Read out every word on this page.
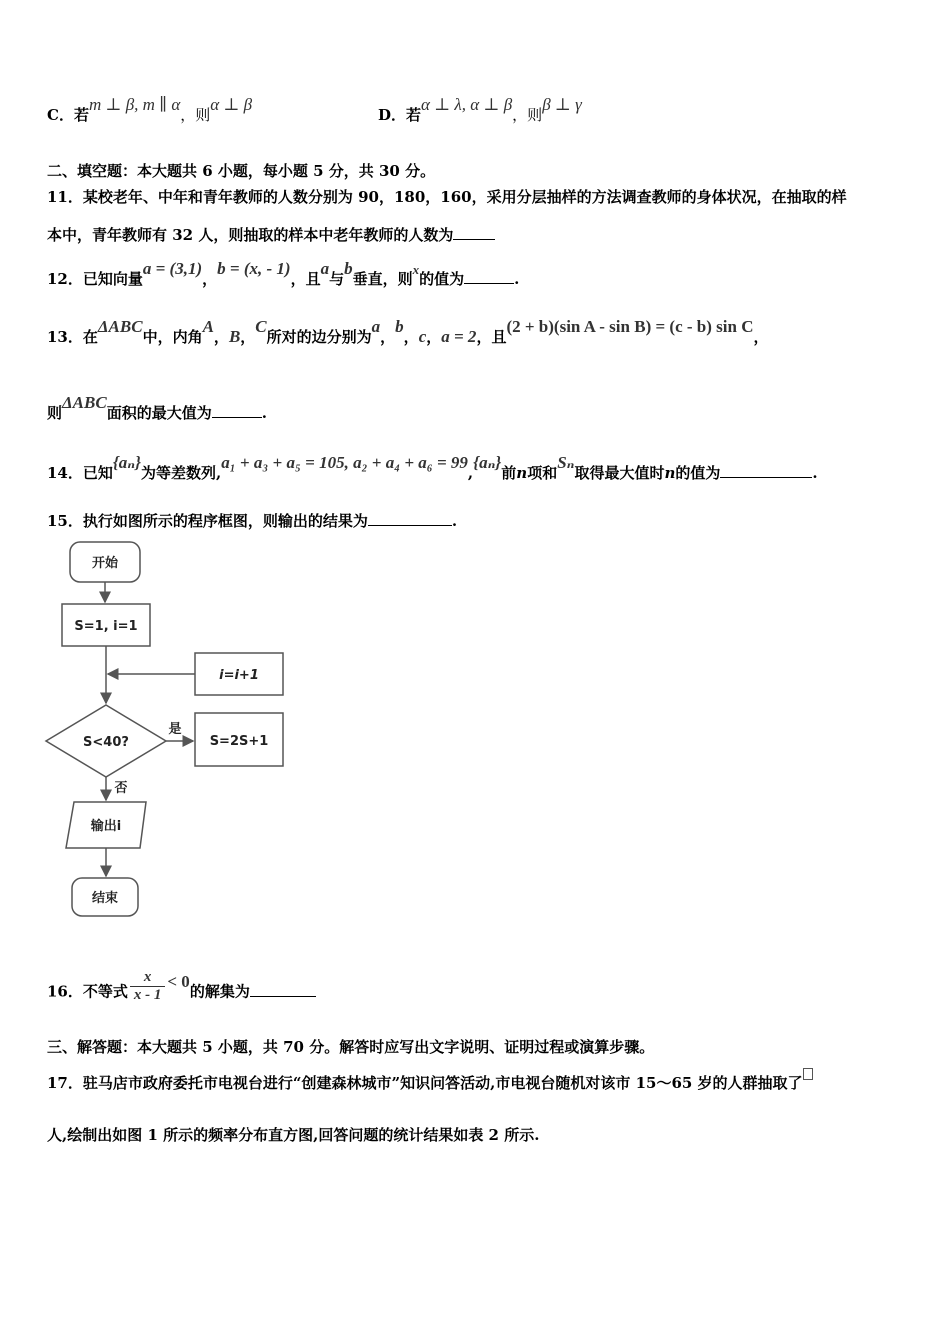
C．若m ⊥ β, m ∥ α，则α ⊥ β
D．若α ⊥ λ, α ⊥ β，则β ⊥ γ
二、填空题：本大题共 6 小题，每小题 5 分，共 30 分。
11．某校老年、中年和青年教师的人数分别为 90，180，160，采用分层抽样的方法调查教师的身体状况，在抽取的样
本中，青年教师有 32 人，则抽取的样本中老年教师的人数为
12．已知向量a = (3,1)，b = (x, - 1)，且a与b垂直，则x的值为	.
13．在ΔABC中，内角A，B，C所对的边分别为a，b，c，a = 2，且(2 + b)(sin A - sin B) = (c - b) sin C，
则ΔABC面积的最大值为	.
14．已知{aₙ}为等差数列,a₁ + a₃ + a₅ = 105, a₂ + a₄ + a₆ = 99,{aₙ}前n项和Sₙ取得最大值时n的值为	.
15．执行如图所示的程序框图，则输出的结果为	.
开始
S=1, i=1
i=i+1
S<40?
是
S=2S+1
否
输出i
结束
16．不等式 $\frac{x}{x - 1} < 0$的解集为
三、解答题：本大题共 5 小题，共 70 分。解答时应写出文字说明、证明过程或演算步骤。
17．驻马店市政府委托市电视台进行“创建森林城市”知识问答活动,市电视台随机对该市 15～65 岁的人群抽取了
人,绘制出如图 1 所示的频率分布直方图,回答问题的统计结果如表 2 所示.
